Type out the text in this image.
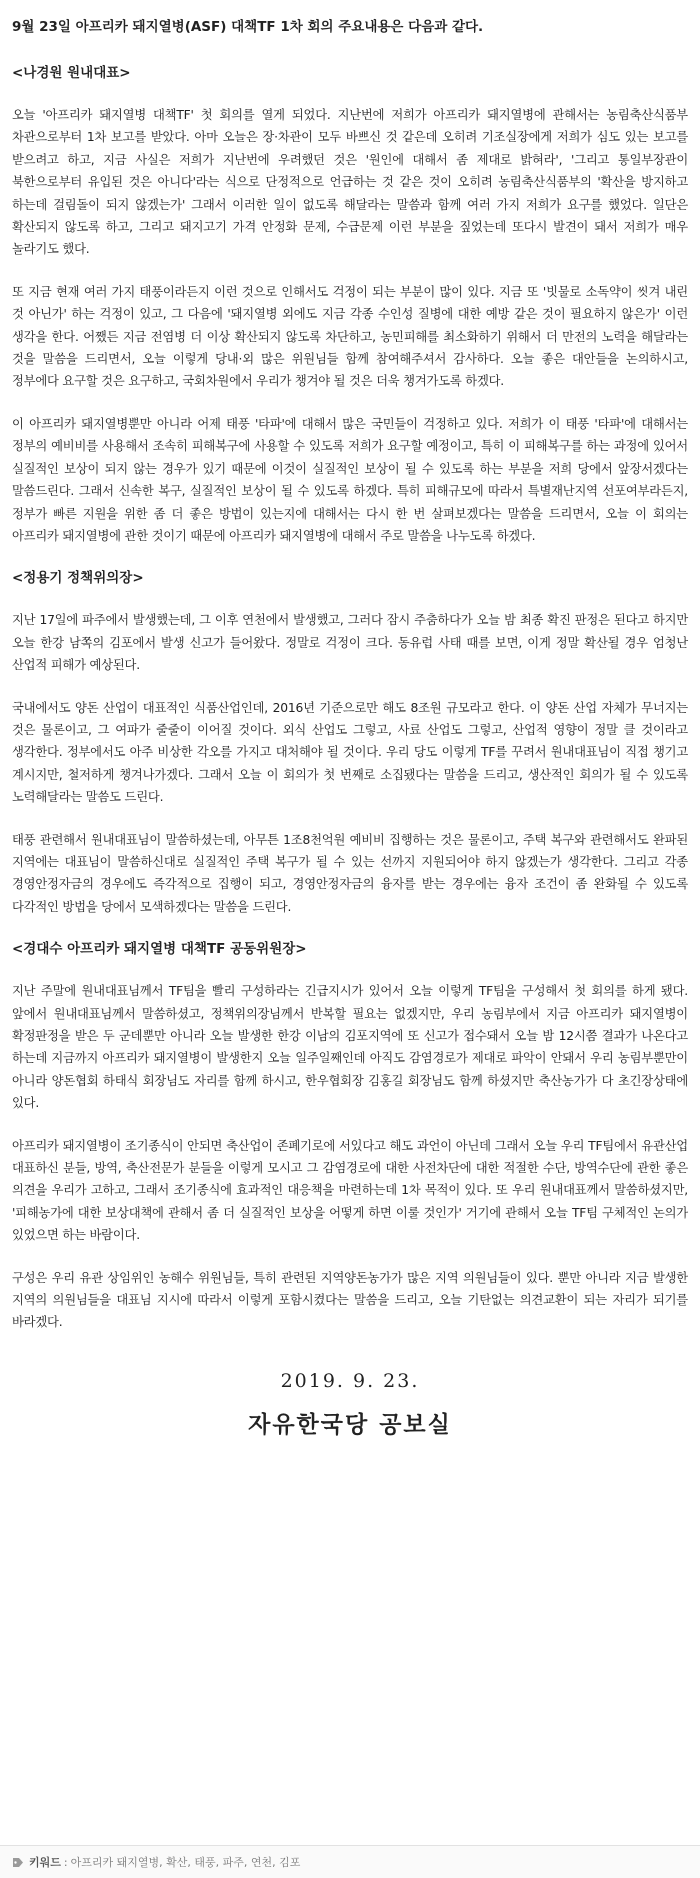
9월 23일 아프리카 돼지열병(ASF) 대책TF 1차 회의 주요내용은 다음과 같다.

<나경원 원내대표>

오늘 '아프리카 돼지열병 대책TF' 첫 회의를 열게 되었다. 지난번에 저희가 아프리카 돼지열병에 관해서는 농림축산식품부 차관으로부터 1차 보고를 받았다. 아마 오늘은 장·차관이 모두 바쁘신 것 같은데 오히려 기조실장에게 저희가 심도 있는 보고를 받으려고 하고, 지금 사실은 저희가 지난번에 우려했던 것은 '원인에 대해서 좀 제대로 밝혀라', '그리고 통일부장관이 북한으로부터 유입된 것은 아니다'라는 식으로 단정적으로 언급하는 것 같은 것이 오히려 농림축산식품부의 '확산을 방지하고 하는데 걸림돌이 되지 않겠는가' 그래서 이러한 일이 없도록 해달라는 말씀과 함께 여러 가지 저희가 요구를 했었다. 일단은 확산되지 않도록 하고, 그리고 돼지고기 가격 안정화 문제, 수급문제 이런 부분을 짚었는데 또다시 발견이 돼서 저희가 매우 놀라기도 했다.

또 지금 현재 여러 가지 태풍이라든지 이런 것으로 인해서도 걱정이 되는 부분이 많이 있다. 지금 또 '빗물로 소독약이 씻겨 내린 것 아닌가' 하는 걱정이 있고, 그 다음에 '돼지열병 외에도 지금 각종 수인성 질병에 대한 예방 같은 것이 필요하지 않은가' 이런 생각을 한다. 어쨌든 지금 전염병 더 이상 확산되지 않도록 차단하고, 농민피해를 최소화하기 위해서 더 만전의 노력을 해달라는 것을 말씀을 드리면서, 오늘 이렇게 당내·외 많은 위원님들 함께 참여해주셔서 감사하다. 오늘 좋은 대안들을 논의하시고, 정부에다 요구할 것은 요구하고, 국회차원에서 우리가 챙겨야 될 것은 더욱 챙겨가도록 하겠다.

이 아프리카 돼지열병뿐만 아니라 어제 태풍 '타파'에 대해서 많은 국민들이 걱정하고 있다. 저희가 이 태풍 '타파'에 대해서는 정부의 예비비를 사용해서 조속히 피해복구에 사용할 수 있도록 저희가 요구할 예정이고, 특히 이 피해복구를 하는 과정에 있어서 실질적인 보상이 되지 않는 경우가 있기 때문에 이것이 실질적인 보상이 될 수 있도록 하는 부분을 저희 당에서 앞장서겠다는 말씀드린다. 그래서 신속한 복구, 실질적인 보상이 될 수 있도록 하겠다. 특히 피해규모에 따라서 특별재난지역 선포여부라든지, 정부가 빠른 지원을 위한 좀 더 좋은 방법이 있는지에 대해서는 다시 한 번 살펴보겠다는 말씀을 드리면서, 오늘 이 회의는 아프리카 돼지열병에 관한 것이기 때문에 아프리카 돼지열병에 대해서 주로 말씀을 나누도록 하겠다.

<정용기 정책위의장>

지난 17일에 파주에서 발생했는데, 그 이후 연천에서 발생했고, 그러다 잠시 주춤하다가 오늘 밤 최종 확진 판정은 된다고 하지만 오늘 한강 남쪽의 김포에서 발생 신고가 들어왔다. 정말로 걱정이 크다. 동유럽 사태 때를 보면, 이게 정말 확산될 경우 엄청난 산업적 피해가 예상된다.

국내에서도 양돈 산업이 대표적인 식품산업인데, 2016년 기준으로만 해도 8조원 규모라고 한다. 이 양돈 산업 자체가 무너지는 것은 물론이고, 그 여파가 줄줄이 이어질 것이다. 외식 산업도 그렇고, 사료 산업도 그렇고, 산업적 영향이 정말 클 것이라고 생각한다. 정부에서도 아주 비상한 각오를 가지고 대처해야 될 것이다. 우리 당도 이렇게 TF를 꾸려서 원내대표님이 직접 챙기고 계시지만, 철저하게 챙겨나가겠다. 그래서 오늘 이 회의가 첫 번째로 소집됐다는 말씀을 드리고, 생산적인 회의가 될 수 있도록 노력해달라는 말씀도 드린다.

태풍 관련해서 원내대표님이 말씀하셨는데, 아무튼 1조8천억원 예비비 집행하는 것은 물론이고, 주택 복구와 관련해서도 완파된 지역에는 대표님이 말씀하신대로 실질적인 주택 복구가 될 수 있는 선까지 지원되어야 하지 않겠는가 생각한다. 그리고 각종 경영안정자금의 경우에도 즉각적으로 집행이 되고, 경영안정자금의 융자를 받는 경우에는 융자 조건이 좀 완화될 수 있도록 다각적인 방법을 당에서 모색하겠다는 말씀을 드린다.

<경대수 아프리카 돼지열병 대책TF 공동위원장>

지난 주말에 원내대표님께서 TF팀을 빨리 구성하라는 긴급지시가 있어서 오늘 이렇게 TF팀을 구성해서 첫 회의를 하게 됐다. 앞에서 원내대표님께서 말씀하셨고, 정책위의장님께서 반복할 필요는 없겠지만, 우리 농림부에서 지금 아프리카 돼지열병이 확정판정을 받은 두 군데뿐만 아니라 오늘 발생한 한강 이남의 김포지역에 또 신고가 접수돼서 오늘 밤 12시쯤 결과가 나온다고 하는데 지금까지 아프리카 돼지열병이 발생한지 오늘 일주일째인데 아직도 감염경로가 제대로 파악이 안돼서 우리 농림부뿐만이 아니라 양돈협회 하태식 회장님도 자리를 함께 하시고, 한우협회장 김홍길 회장님도 함께 하셨지만 축산농가가 다 초긴장상태에 있다.

아프리카 돼지열병이 조기종식이 안되면 축산업이 존폐기로에 서있다고 해도 과언이 아닌데 그래서 오늘 우리 TF팀에서 유관산업 대표하신 분들, 방역, 축산전문가 분들을 이렇게 모시고 그 감염경로에 대한 사전차단에 대한 적절한 수단, 방역수단에 관한 좋은 의견을 우리가 고하고, 그래서 조기종식에 효과적인 대응책을 마련하는데 1차 목적이 있다. 또 우리 원내대표께서 말씀하셨지만, '피해농가에 대한 보상대책에 관해서 좀 더 실질적인 보상을 어떻게 하면 이룰 것인가' 거기에 관해서 오늘 TF팀 구체적인 논의가 있었으면 하는 바람이다.

구성은 우리 유관 상임위인 농해수 위원님들, 특히 관련된 지역양돈농가가 많은 지역 의원님들이 있다. 뿐만 아니라 지금 발생한 지역의 의원님들을 대표님 지시에 따라서 이렇게 포함시켰다는 말씀을 드리고, 오늘 기탄없는 의견교환이 되는 자리가 되기를 바라겠다.

2019. 9. 23.
자유한국당 공보실
키워드 : 아프리카 돼지열병, 확산, 태풍, 파주, 연천, 김포
